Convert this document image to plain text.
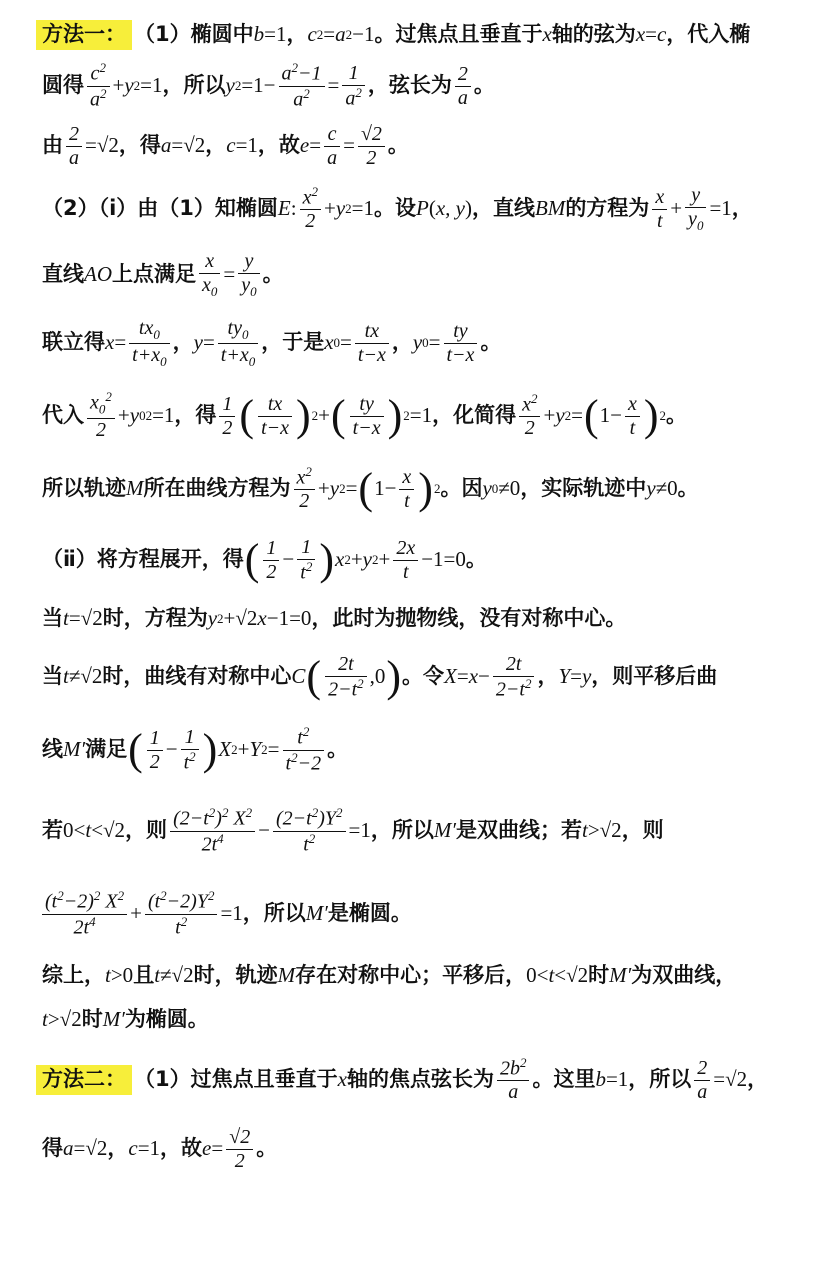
方法一： （1）椭圆中 b =1 ， c 2 = a 2 −1 。过焦点且垂直于 x 轴的弦为 x = c ，代入椭
圆得 $\frac{c^2}{a^2} + y$ 2 =1 ，所以 y $2 =1- \frac{a^2-1}{a^2} = \frac{1}{a^2}$ ，弦长为 $\frac{2}{a}$ 。
由 $\frac{2}{a} =√2$ ，得 a =√2 ， c =1 ，故 $e = \frac{c}{a} = \frac{√2}{2}$ 。
（2）（ⅰ）由（1）知椭圆 E : $\frac{x^2}{2} + y$ 2 =1 。设 P ( x, y ) ，直线 BM 的方程为 $\frac{x}{t} + \frac{y}{y_0} =1$ ，
直线 AO 上点满足 $\frac{x}{x_0} = \frac{y}{y_0}$ 。
联立得 $x = \frac{tx_0}{t+x_0}$ ， $y = \frac{ty_0}{t+x_0}$ ，于是 x $0 = \frac{tx}{t-x}$ ， y $0 = \frac{ty}{t-x}$ 。
代入 $\frac{x_0^2}{2} + y$ 0 2 =1 ，得 $\frac{1}{2}$ ( $\frac{tx}{t-x}$ ) 2 + ( $\frac{ty}{t-x}$ ) 2 =1 ，化简得 $\frac{x^2}{2} + y$ 2 = ( $1- \frac{x}{t}$ ) 2 。
所以轨迹 M 所在曲线方程为 $\frac{x^2}{2} + y$ 2 = ( $1- \frac{x}{t}$ ) 2 。因 y 0 ≠0 ，实际轨迹中 y ≠0 。
（ⅱ）将方程展开，得 ( $\frac{1}{2} - \frac{1}{t^2}$ ) x 2 + y $2 + \frac{2x}{t} -1=0$ 。
当 t =√2 时，方程为 y 2 +√2 x −1=0 ，此时为抛物线，没有对称中心。
当 t ≠√2 时，曲线有对称中心 C ( $\frac{2t}{2-t^2} ,0$ ) 。令 $X = x - \frac{2t}{2-t^2}$ ， Y = y ，则平移后曲
线 M′ 满足 ( $\frac{1}{2} - \frac{1}{t^2}$ ) X 2 + Y $2 = \frac{t^2}{t^2-2}$ 。
若 0< t <√2 ，则 $\frac{(2-t^2)^2 X^2}{2t^4} - \frac{(2-t^2)Y^2}{t^2} =1$ ，所以 M′ 是双曲线；若 t >√2 ，则
$\frac{(t^2-2)^2 X^2}{2t^4} + \frac{(t^2-2)Y^2}{t^2} =1$ ，所以 M′ 是椭圆。
综上， t >0 且 t ≠√2 时，轨迹 M 存在对称中心；平移后， 0< t <√2 时 M′ 为双曲线，
t >√2 时 M′ 为椭圆。
方法二： （1）过焦点且垂直于 x 轴的焦点弦长为 $\frac{2b^2}{a}$ 。这里 b =1 ，所以 $\frac{2}{a} =√2$ ，
得 a =√2 ， c =1 ，故 $e = \frac{√2}{2}$ 。
